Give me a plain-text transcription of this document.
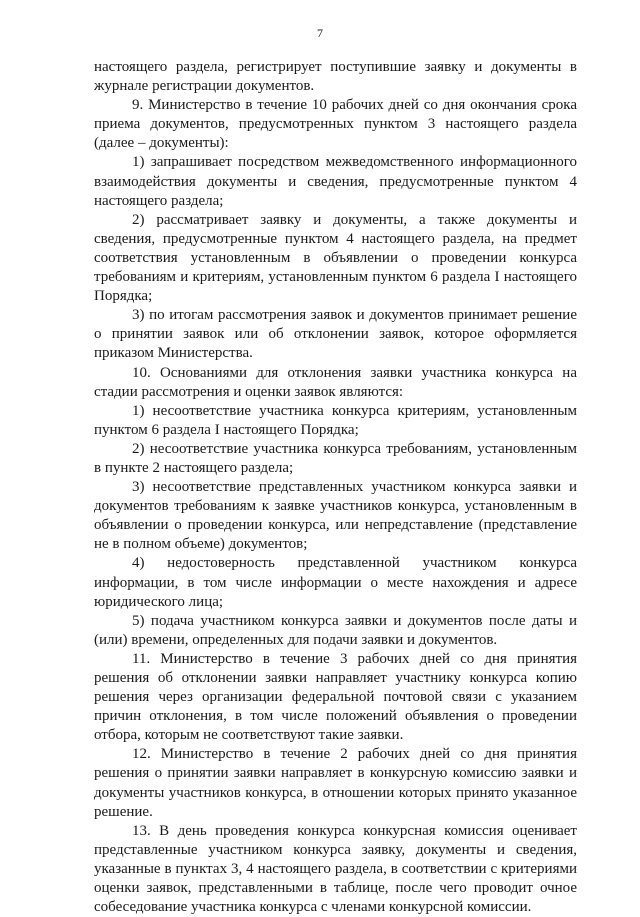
7

настоящего раздела, регистрирует поступившие заявку и документы в журнале регистрации документов.

9. Министерство в течение 10 рабочих дней со дня окончания срока приема документов, предусмотренных пунктом 3 настоящего раздела (далее – документы):

1) запрашивает посредством межведомственного информационного взаимодействия документы и сведения, предусмотренные пунктом 4 настоящего раздела;

2) рассматривает заявку и документы, а также документы и сведения, предусмотренные пунктом 4 настоящего раздела, на предмет соответствия установленным в объявлении о проведении конкурса требованиям и критериям, установленным пунктом 6 раздела I настоящего Порядка;

3) по итогам рассмотрения заявок и документов принимает решение о принятии заявок или об отклонении заявок, которое оформляется приказом Министерства.

10. Основаниями для отклонения заявки участника конкурса на стадии рассмотрения и оценки заявок являются:

1) несоответствие участника конкурса критериям, установленным пунктом 6 раздела I настоящего Порядка;

2) несоответствие участника конкурса требованиям, установленным в пункте 2 настоящего раздела;

3) несоответствие представленных участником конкурса заявки и документов требованиям к заявке участников конкурса, установленным в объявлении о проведении конкурса, или непредставление (представление не в полном объеме) документов;

4) недостоверность представленной участником конкурса информации, в том числе информации о месте нахождения и адресе юридического лица;

5) подача участником конкурса заявки и документов после даты и (или) времени, определенных для подачи заявки и документов.

11. Министерство в течение 3 рабочих дней со дня принятия решения об отклонении заявки направляет участнику конкурса копию решения через организации федеральной почтовой связи с указанием причин отклонения, в том числе положений объявления о проведении отбора, которым не соответствуют такие заявки.

12. Министерство в течение 2 рабочих дней со дня принятия решения о принятии заявки направляет в конкурсную комиссию заявки и документы участников конкурса, в отношении которых принято указанное решение.

13. В день проведения конкурса конкурсная комиссия оценивает представленные участником конкурса заявку, документы и сведения, указанные в пунктах 3, 4 настоящего раздела, в соответствии с критериями оценки заявок, представленными в таблице, после чего проводит очное собеседование участника конкурса с членами конкурсной комиссии.
